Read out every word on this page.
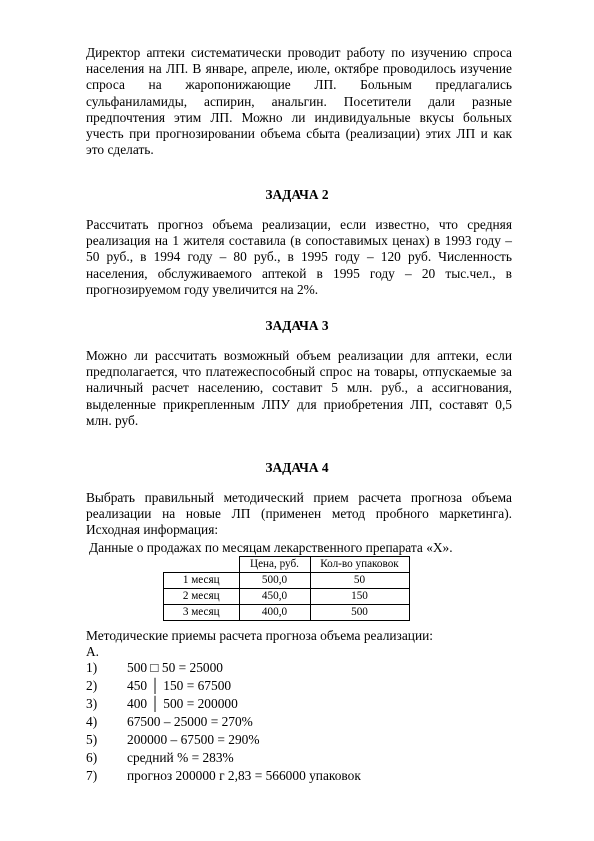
Директор аптеки систематически проводит работу по изучению спроса населения на ЛП. В январе, апреле, июле, октябре проводилось изучение спроса на жаропонижающие ЛП. Больным предлагались сульфаниламиды, аспирин, анальгин. Посетители дали разные предпочтения этим ЛП. Можно ли индивидуальные вкусы больных учесть при прогнозировании объема сбыта (реализации) этих ЛП и как это сделать.

ЗАДАЧА 2

Рассчитать прогноз объема реализации, если известно, что средняя реализация на 1 жителя составила (в сопоставимых ценах) в 1993 году – 50 руб., в 1994 году – 80 руб., в 1995 году – 120 руб. Численность населения, обслуживаемого аптекой в 1995 году – 20 тыс.чел., в прогнозируемом году увеличится на 2%.

ЗАДАЧА 3

Можно ли рассчитать возможный объем реализации для аптеки, если предполагается, что платежеспособный спрос на товары, отпускаемые за наличный расчет населению, составит 5 млн. руб., а ассигнования, выделенные прикрепленным ЛПУ для приобретения ЛП, составят 0,5 млн. руб.

ЗАДАЧА 4

Выбрать правильный методический прием расчета прогноза объема реализации на новые ЛП (применен метод пробного маркетинга). Исходная информация:

Данные о продажах по месяцам лекарственного препарата «Х».
	Цена, руб.	Кол-во упаковок
1 месяц	500,0	50
2 месяц	450,0	150
3 месяц	400,0	500
Методические приемы расчета прогноза объема реализации:
А.
1) 500 □ 50 = 25000
2) 450 │ 150 = 67500
3) 400 │ 500 = 200000
4) 67500 – 25000 = 270%
5) 200000 – 67500 = 290%
6) средний % = 283%
7) прогноз 200000 г 2,83 = 566000 упаковок
